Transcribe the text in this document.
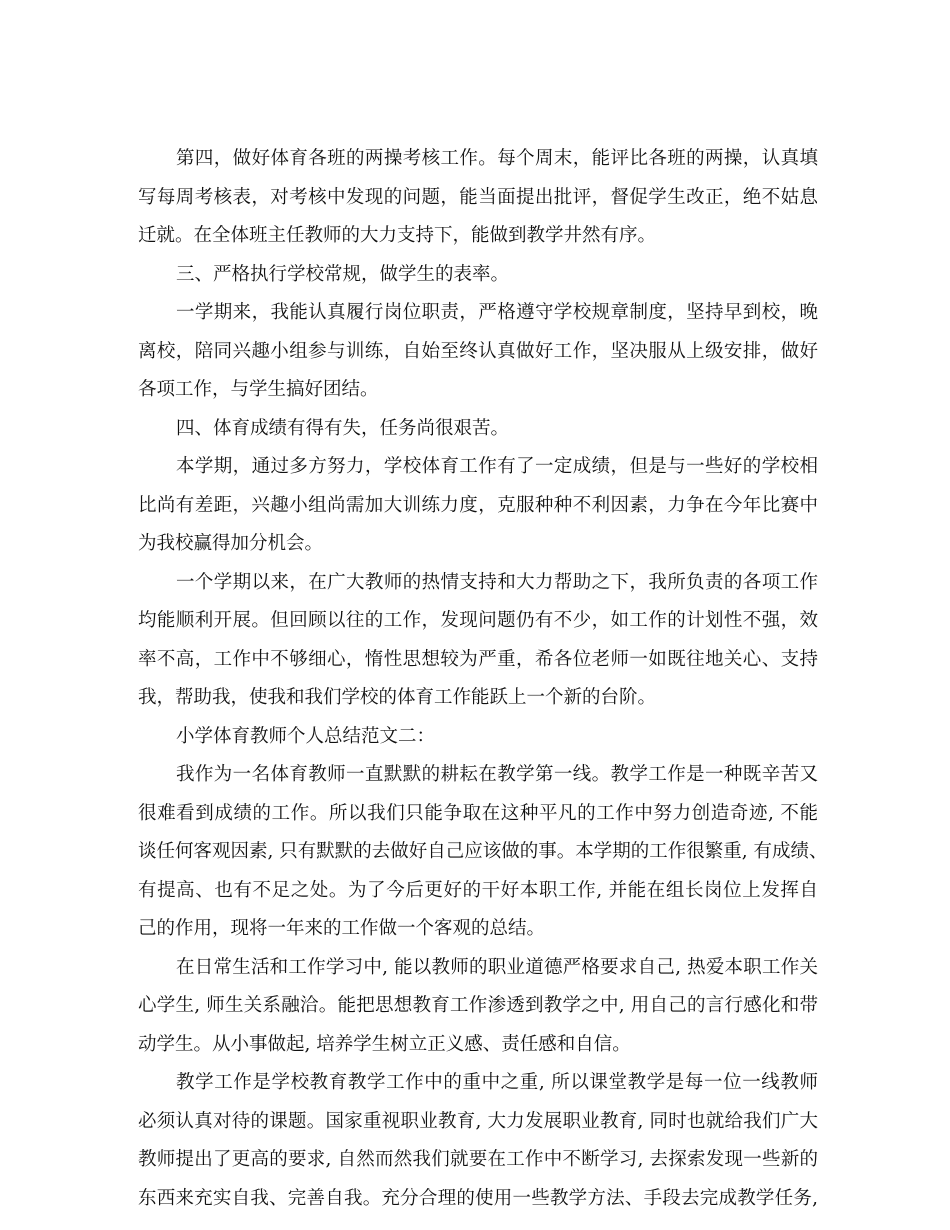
第四，做好体育各班的两操考核工作。每个周末，能评比各班的两操，认真填
写每周考核表，对考核中发现的问题，能当面提出批评，督促学生改正，绝不姑息
迁就。在全体班主任教师的大力支持下，能做到教学井然有序。
三、严格执行学校常规，做学生的表率。
一学期来，我能认真履行岗位职责，严格遵守学校规章制度，坚持早到校，晚
离校，陪同兴趣小组参与训练，自始至终认真做好工作，坚决服从上级安排，做好
各项工作，与学生搞好团结。
四、体育成绩有得有失，任务尚很艰苦。
本学期，通过多方努力，学校体育工作有了一定成绩，但是与一些好的学校相
比尚有差距，兴趣小组尚需加大训练力度，克服种种不利因素，力争在今年比赛中
为我校赢得加分机会。
一个学期以来，在广大教师的热情支持和大力帮助之下，我所负责的各项工作
均能顺利开展。但回顾以往的工作，发现问题仍有不少，如工作的计划性不强，效
率不高，工作中不够细心，惰性思想较为严重，希各位老师一如既往地关心、支持
我，帮助我，使我和我们学校的体育工作能跃上一个新的台阶。
小学体育教师个人总结范文二：
我作为一名体育教师一直默默的耕耘在教学第一线。教学工作是一种既辛苦又
很难看到成绩的工作。所以我们只能争取在这种平凡的工作中努力创造奇迹, 不能
谈任何客观因素, 只有默默的去做好自己应该做的事。本学期的工作很繁重, 有成绩、
有提高、也有不足之处。为了今后更好的干好本职工作, 并能在组长岗位上发挥自
己的作用，现将一年来的工作做一个客观的总结。
在日常生活和工作学习中, 能以教师的职业道德严格要求自己, 热爱本职工作关
心学生, 师生关系融洽。能把思想教育工作渗透到教学之中, 用自己的言行感化和带
动学生。从小事做起, 培养学生树立正义感、责任感和自信。
教学工作是学校教育教学工作中的重中之重, 所以课堂教学是每一位一线教师
必须认真对待的课题。国家重视职业教育, 大力发展职业教育, 同时也就给我们广大
教师提出了更高的要求, 自然而然我们就要在工作中不断学习, 去探索发现一些新的
东西来充实自我、完善自我。充分合理的使用一些教学方法、手段去完成教学任务,
